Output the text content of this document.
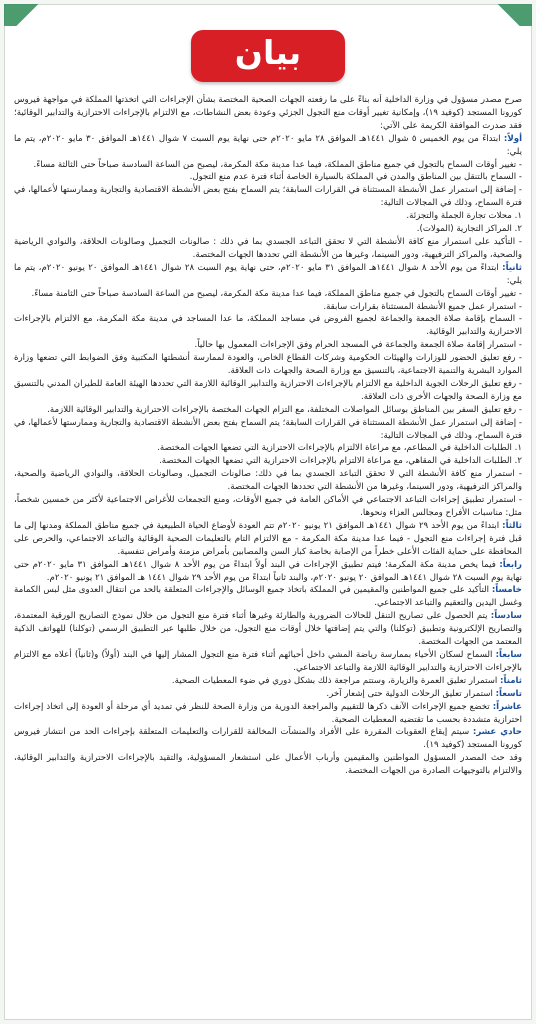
بيان

صرح مصدر مسؤول في وزارة الداخلية أنه بناءً على ما رفعته الجهات الصحية المختصة بشأن الإجراءات التي اتخذتها المملكة في مواجهة فيروس كورونا المستجد (كوفيد ١٩)، وإمكانية تغيير أوقات منع التجول الجزئي وعودة بعض النشاطات، مع الالتزام بالإجراءات الاحترازية والتدابير الوقائية؛ فقد صدرت الموافقة الكريمة على الآتي:

أولاً: ابتداءً من يوم الخميس ٥ شوال ١٤٤١هـ الموافق ٢٨ مايو ٢٠٢٠م حتى نهاية يوم السبت ٧ شوال ١٤٤١هـ الموافق ٣٠ مايو ٢٠٢٠م، يتم ما يلي:

- تغيير أوقات السماح بالتجول في جميع مناطق المملكة، فيما عدا مدينة مكة المكرمة، ليصبح من الساعة السادسة صباحاً حتى الثالثة مساءً.

- السماح بالتنقل بين المناطق والمدن في المملكة بالسيارة الخاصة أثناء فترة عدم منع التجول.

- إضافة إلى استمرار عمل الأنشطة المستثناة في القرارات السابقة؛ يتم السماح بفتح بعض الأنشطة الاقتصادية والتجارية وممارستها لأعمالها، في فترة السماح، وذلك في المجالات التالية:

١. محلات تجارة الجملة والتجزئة.

٢. المراكز التجارية (المولات).

- التأكيد على استمرار منع كافة الأنشطة التي لا تحقق التباعد الجسدي بما في ذلك : صالونات التجميل وصالونات الحلاقة، والنوادي الرياضية والصحية، والمراكز الترفيهية، ودور السينما، وغيرها من الأنشطة التي تحددها الجهات المختصة.

ثانياً: ابتداءً من يوم الأحد ٨ شوال ١٤٤١هـ الموافق ٣١ مايو ٢٠٢٠م، حتى نهاية يوم السبت ٢٨ شوال ١٤٤١هـ الموافق ٢٠ يونيو ٢٠٢٠م، يتم ما يلي:

- تغيير أوقات السماح بالتجول في جميع مناطق المملكة، فيما عدا مدينة مكة المكرمة، ليصبح من الساعة السادسة صباحاً حتى الثامنة مساءً.

- استمرار عمل جميع الأنشطة المستثناة بقرارات سابقة.

- السماح بإقامة صلاة الجمعة والجماعة لجميع الفروض في مساجد المملكة، ما عدا المساجد في مدينة مكة المكرمة، مع الالتزام بالإجراءات الاحترازية والتدابير الوقائية.

- استمرار إقامة صلاة الجمعة والجماعة في المسجد الحرام وفق الإجراءات المعمول بها حالياً.

- رفع تعليق الحضور للوزارات والهيئات الحكومية وشركات القطاع الخاص، والعودة لممارسة أنشطتها المكتبية وفق الضوابط التي تضعها وزارة الموارد البشرية والتنمية الاجتماعية، بالتنسيق مع وزارة الصحة والجهات ذات العلاقة.

- رفع تعليق الرحلات الجوية الداخلية مع الالتزام بالإجراءات الاحترازية والتدابير الوقائية اللازمة التي تحددها الهيئة العامة للطيران المدني بالتنسيق مع وزارة الصحة والجهات الأخرى ذات العلاقة.

- رفع تعليق السفر بين المناطق بوسائل المواصلات المختلفة، مع التزام الجهات المختصة بالإجراءات الاحترازية والتدابير الوقائية اللازمة.

- إضافة إلى استمرار عمل الأنشطة المستثناة في القرارات السابقة؛ يتم السماح بفتح بعض الأنشطة الاقتصادية والتجارية وممارستها لأعمالها، في فترة السماح، وذلك في المجالات التالية:

١. الطلبات الداخلية في المطاعم، مع مراعاة الالتزام بالإجراءات الاحترازية التي تضعها الجهات المختصة.

٢. الطلبات الداخلية في المقاهي، مع مراعاة الالتزام بالإجراءات الاحترازية التي تضعها الجهات المختصة.

- استمرار منع كافة الأنشطة التي لا تحقق التباعد الجسدي بما في ذلك: صالونات التجميل، وصالونات الحلاقة، والنوادي الرياضية والصحية، والمراكز الترفيهية، ودور السينما، وغيرها من الأنشطة التي تحددها الجهات المختصة.

- استمرار تطبيق إجراءات التباعد الاجتماعي في الأماكن العامة في جميع الأوقات، ومنع التجمعات للأغراض الاجتماعية لأكثر من خمسين شخصاً، مثل: مناسبات الأفراح ومجالس العزاء ونحوها.

ثالثاً: ابتداءً من يوم الأحد ٢٩ شوال ١٤٤١هـ الموافق ٢١ يونيو ٢٠٢٠م تتم العودة لأوضاع الحياة الطبيعية في جميع مناطق المملكة ومدنها إلى ما قبل فترة إجراءات منع التجول - فيما عدا مدينة مكة المكرمة - مع الالتزام التام بالتعليمات الصحية الوقائية والتباعد الاجتماعي، والحرص على المحافظة على حماية الفئات الأعلى خطراً من الإصابة بخاصة كبار السن والمصابين بأمراض مزمنة وأمراض تنفسية.

رابعاً: فيما يخص مدينة مكة المكرمة؛ فيتم تطبيق الإجراءات في البند أولاً ابتداءً من يوم الأحد ٨ شوال ١٤٤١هـ الموافق ٣١ مايو ٢٠٢٠م حتى نهاية يوم السبت ٢٨ شوال ١٤٤١هـ الموافق ٢٠ يونيو ٢٠٢٠م، والبند ثانياً ابتداءً من يوم الأحد ٢٩ شوال ١٤٤١ هـ الموافق ٢١ يونيو ٢٠٢٠م.

خامساً: التأكيد على جميع المواطنين والمقيمين في المملكة باتخاذ جميع الوسائل والإجراءات المتعلقة بالحد من انتقال العدوى مثل لبس الكمامة وغسل اليدين والتعقيم والتباعد الاجتماعي.

سادساً: يتم الحصول على تصاريح التنقل للحالات الضرورية والطارئة وغيرها أثناء فترة منع التجول من خلال نموذج التصاريح الورقية المعتمدة، والتصاريح الإلكترونية وتطبيق (توكلنا) والتي يتم إضافتها خلال أوقات منع التجول، من خلال طلبها عبر التطبيق الرسمي (توكلنا) للهواتف الذكية المعتمد من الجهات المختصة.

سابعاً: السماح لسكان الأحياء بممارسة رياضة المشي داخل أحيائهم أثناء فترة منع التجول المشار إليها في البند (أولاً) و(ثانياً) أعلاه مع الالتزام بالإجراءات الاحترازية والتدابير الوقائية اللازمة والتباعد الاجتماعي.

ثامناً: استمرار تعليق العمرة والزيارة، وستتم مراجعة ذلك بشكل دوري في ضوء المعطيات الصحية.

تاسعاً: استمرار تعليق الرحلات الدولية حتى إشعار آخر.

عاشراً: تخضع جميع الإجراءات الآنف ذكرها للتقييم والمراجعة الدورية من وزارة الصحة للنظر في تمديد أي مرحلة أو العودة إلى اتخاذ إجراءات احترازية متشددة بحسب ما تقتضيه المعطيات الصحية.

حادي عشر: سيتم إيقاع العقوبات المقررة على الأفراد والمنشآت المخالفة للقرارات والتعليمات المتعلقة بإجراءات الحد من انتشار فيروس كورونا المستجد (كوفيد ١٩).

وقد حث المصدر المسؤول المواطنين والمقيمين وأرباب الأعمال على استشعار المسؤولية، والتقيد بالإجراءات الاحترازية والتدابير الوقائية، والالتزام بالتوجيهات الصادرة من الجهات المختصة.
